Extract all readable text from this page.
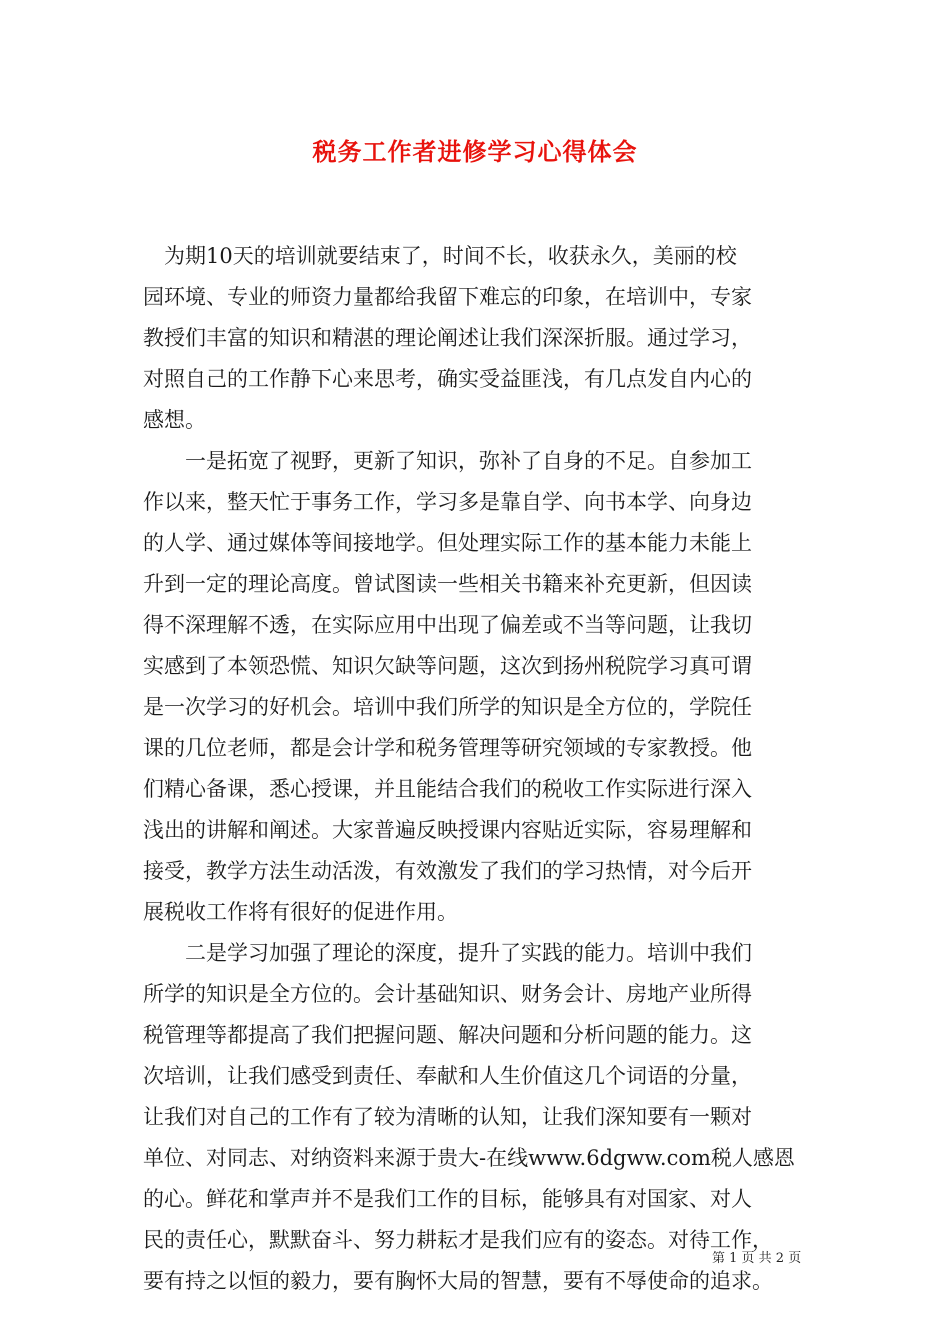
税务工作者进修学习心得体会
　为期10天的培训就要结束了，时间不长，收获永久，美丽的校
园环境、专业的师资力量都给我留下难忘的印象，在培训中，专家
教授们丰富的知识和精湛的理论阐述让我们深深折服。通过学习，
对照自己的工作静下心来思考，确实受益匪浅，有几点发自内心的
感想。
　　一是拓宽了视野，更新了知识，弥补了自身的不足。自参加工
作以来，整天忙于事务工作，学习多是靠自学、向书本学、向身边
的人学、通过媒体等间接地学。但处理实际工作的基本能力未能上
升到一定的理论高度。曾试图读一些相关书籍来补充更新，但因读
得不深理解不透，在实际应用中出现了偏差或不当等问题，让我切
实感到了本领恐慌、知识欠缺等问题，这次到扬州税院学习真可谓
是一次学习的好机会。培训中我们所学的知识是全方位的，学院任
课的几位老师，都是会计学和税务管理等研究领域的专家教授。他
们精心备课，悉心授课，并且能结合我们的税收工作实际进行深入
浅出的讲解和阐述。大家普遍反映授课内容贴近实际，容易理解和
接受，教学方法生动活泼，有效激发了我们的学习热情，对今后开
展税收工作将有很好的促进作用。
　　二是学习加强了理论的深度，提升了实践的能力。培训中我们
所学的知识是全方位的。会计基础知识、财务会计、房地产业所得
税管理等都提高了我们把握问题、解决问题和分析问题的能力。这
次培训，让我们感受到责任、奉献和人生价值这几个词语的分量，
让我们对自己的工作有了较为清晰的认知，让我们深知要有一颗对
单位、对同志、对纳资料来源于贵大-在线www.6dgww.com税人感恩
的心。鲜花和掌声并不是我们工作的目标，能够具有对国家、对人
民的责任心，默默奋斗、努力耕耘才是我们应有的姿态。对待工作，
要有持之以恒的毅力，要有胸怀大局的智慧，要有不辱使命的追求。
第 1 页 共 2 页
